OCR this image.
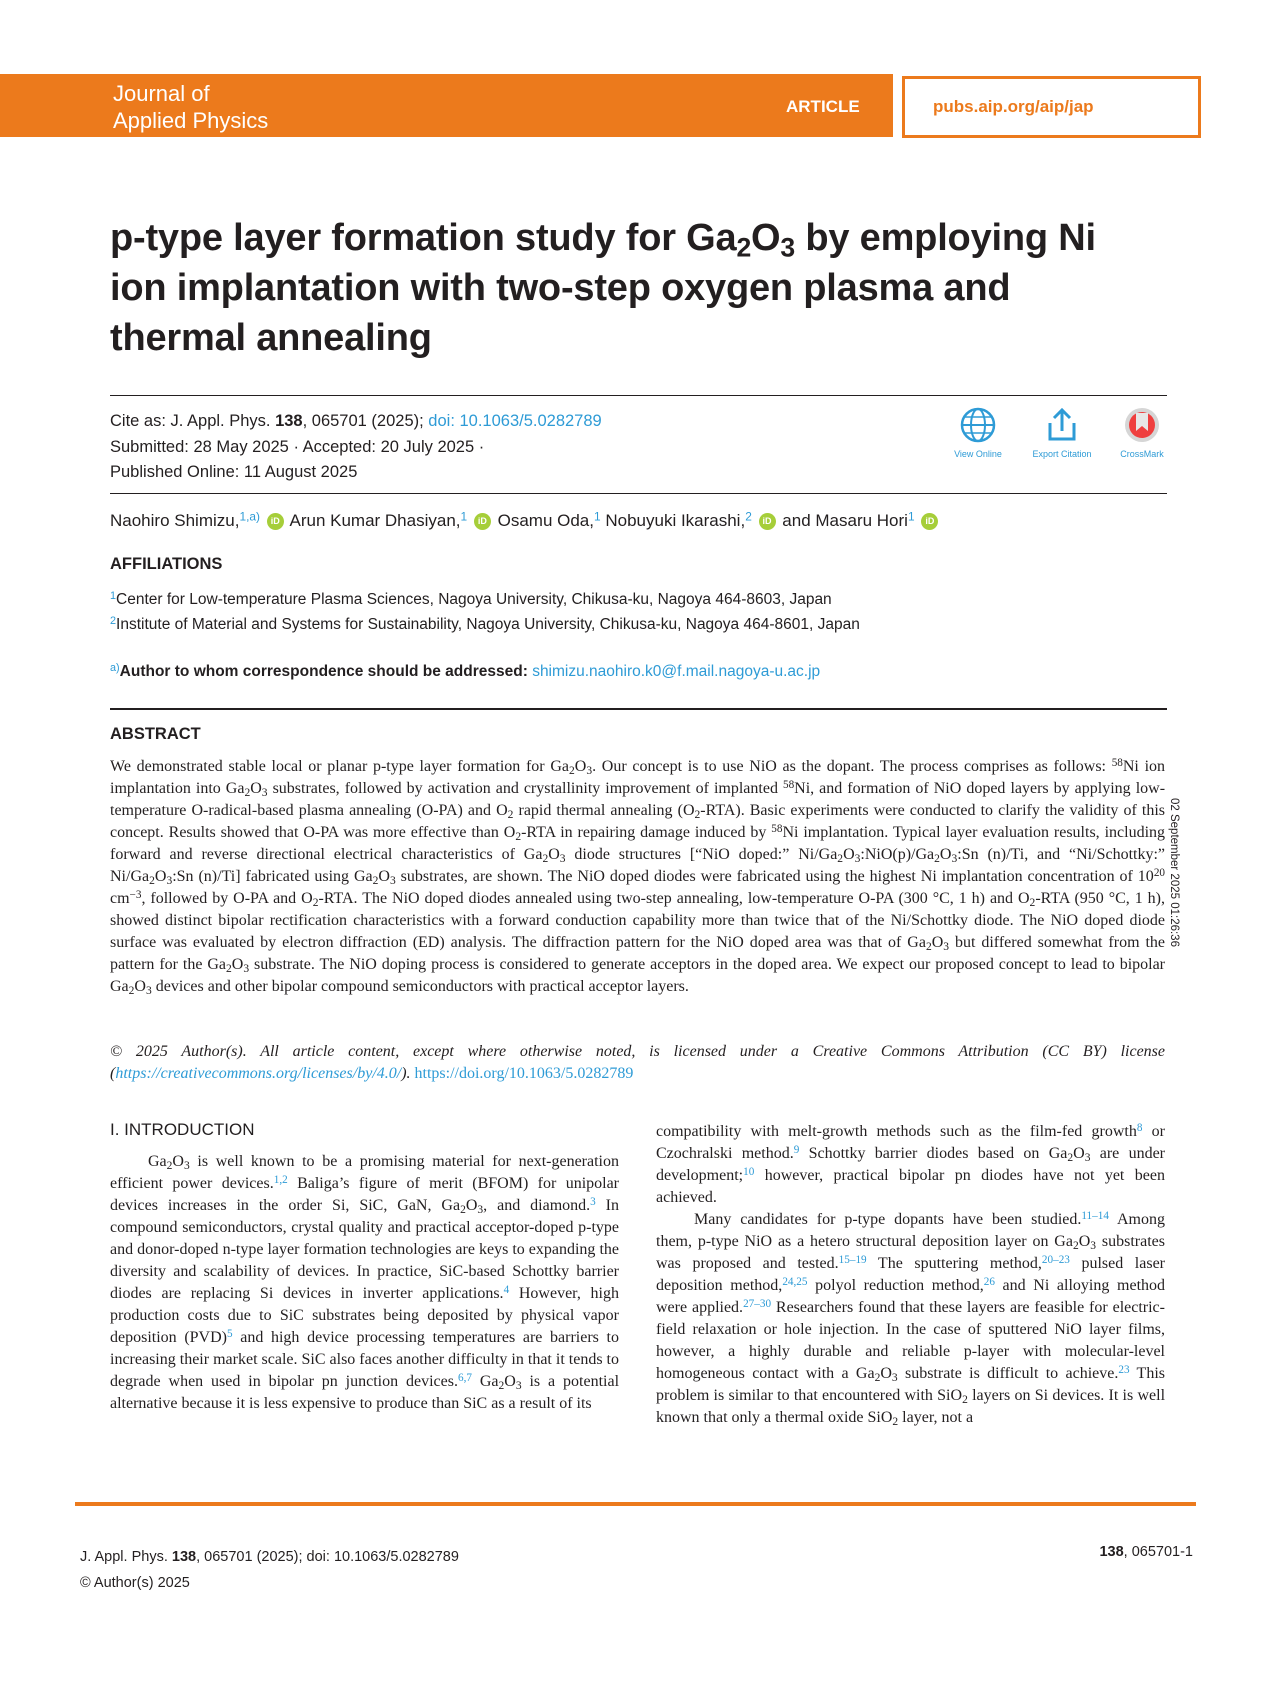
Journal of
Applied Physics
ARTICLE	pubs.aip.org/aip/jap
p-type layer formation study for $Ga_2O_3$ by employing Ni ion implantation with two-step oxygen plasma and thermal annealing
Cite as: J. Appl. Phys. 138, 065701 (2025); doi: 10.1063/5.0282789
Submitted: 28 May 2025 · Accepted: 20 July 2025 ·
Published Online: 11 August 2025
View Online	Export Citation	CrossMark
Naohiro Shimizu,$^{1,a)}$ iD Arun Kumar Dhasiyan,$^1$ iD Osamu Oda,$^1$ Nobuyuki Ikarashi,$^2$ iD and Masaru Hori$^1$ iD
AFFILIATIONS
$^1$Center for Low-temperature Plasma Sciences, Nagoya University, Chikusa-ku, Nagoya 464-8603, Japan
$^2$Institute of Material and Systems for Sustainability, Nagoya University, Chikusa-ku, Nagoya 464-8601, Japan
$^{a)}$Author to whom correspondence should be addressed: shimizu.naohiro.k0@f.mail.nagoya-u.ac.jp
ABSTRACT

We demonstrated stable local or planar p-type layer formation for $Ga_2O_3$. Our concept is to use NiO as the dopant. The process comprises as follows: $^{58}$Ni ion implantation into $Ga_2O_3$ substrates, followed by activation and crystallinity improvement of implanted $^{58}$Ni, and formation of NiO doped layers by applying low-temperature O-radical-based plasma annealing (O-PA) and $O_2$ rapid thermal annealing $(O_2-RTA)$. Basic experiments were conducted to clarify the validity of this concept. Results showed that O-PA was more effective than $O_2$-RTA in repairing damage induced by $^{58}$Ni implantation. Typical layer evaluation results, including forward and reverse directional electrical characteristics of $Ga_2O_3$ diode structures [“NiO doped:” $Ni/Ga_2O_3:NiO(p)/Ga_2O_3:Sn$ (n)/Ti, and “Ni/Schottky:” $Ni/Ga_2O_3:Sn$ (n)/Ti] fabricated using $Ga_2O_3$ substrates, are shown. The NiO doped diodes were fabricated using the highest Ni implantation concentration of $10^{20}$ $cm^{-3}$, followed by O-PA and $O_2$-RTA. The NiO doped diodes annealed using two-step annealing, low-temperature O-PA (300 °C, 1 h) and $O_2$-RTA (950 °C, 1 h), showed distinct bipolar rectification characteristics with a forward conduction capability more than twice that of the Ni/Schottky diode. The NiO doped diode surface was evaluated by electron diffraction (ED) analysis. The diffraction pattern for the NiO doped area was that of $Ga_2O_3$ but differed somewhat from the pattern for the $Ga_2O_3$ substrate. The NiO doping process is considered to generate acceptors in the doped area. We expect our proposed concept to lead to bipolar $Ga_2O_3$ devices and other bipolar compound semiconductors with practical acceptor layers.

© 2025 Author(s). All article content, except where otherwise noted, is licensed under a Creative Commons Attribution (CC BY) license (https://creativecommons.org/licenses/by/4.0/). https://doi.org/10.1063/5.0282789

02 September 2025 01:26:36
I. INTRODUCTION

$Ga_2O_3$ is well known to be a promising material for next-generation efficient power devices.$^{1,2}$ Baliga’s figure of merit (BFOM) for unipolar devices increases in the order Si, SiC, GaN, $Ga_2O_3$, and diamond.$^3$ In compound semiconductors, crystal quality and practical acceptor-doped p-type and donor-doped n-type layer formation technologies are keys to expanding the diversity and scalability of devices. In practice, SiC-based Schottky barrier diodes are replacing Si devices in inverter applications.$^4$ However, high production costs due to SiC substrates being deposited by physical vapor deposition (PVD)$^5$ and high device processing temperatures are barriers to increasing their market scale. SiC also faces another difficulty in that it tends to degrade when used in bipolar pn junction devices.$^{6,7}$ $Ga_2O_3$ is a potential alternative because it is less expensive to produce than SiC as a result of its

compatibility with melt-growth methods such as the film-fed growth$^8$ or Czochralski method.$^9$ Schottky barrier diodes based on $Ga_2O_3$ are under development;$^{10}$ however, practical bipolar pn diodes have not yet been achieved.

Many candidates for p-type dopants have been studied.$^{11-14}$ Among them, p-type NiO as a hetero structural deposition layer on $Ga_2O_3$ substrates was proposed and tested.$^{15-19}$ The sputtering method,$^{20-23}$ pulsed laser deposition method,$^{24,25}$ polyol reduction method,$^{26}$ and Ni alloying method were applied.$^{27-30}$ Researchers found that these layers are feasible for electric-field relaxation or hole injection. In the case of sputtered NiO layer films, however, a highly durable and reliable p-layer with molecular-level homogeneous contact with a $Ga_2O_3$ substrate is difficult to achieve.$^{23}$ This problem is similar to that encountered with SiO$_2$ layers on Si devices. It is well known that only a thermal oxide SiO$_2$ layer, not a

J. Appl. Phys. 138, 065701 (2025); doi: 10.1063/5.0282789
© Author(s) 2025
138, 065701-1
